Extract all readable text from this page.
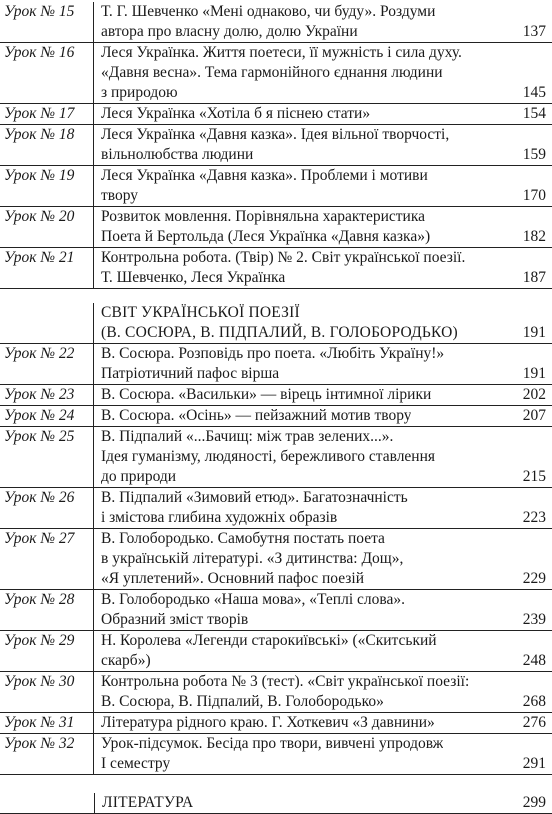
Урок № 15	Т. Г. Шевченко «Мені однаково, чи буду». Роздуми
автора про власну долю, долю України	137
Урок № 16	Леся Українка. Життя поетеси, її мужність і сила духу.
«Давня весна». Тема гармонійного єднання людини
з природою	145
Урок № 17	Леся Українка «Хотіла б я піснею стати»	154
Урок № 18	Леся Українка «Давня казка». Ідея вільної творчості,
вільнолюбства людини	159
Урок № 19	Леся Українка «Давня казка». Проблеми і мотиви
твору	170
Урок № 20	Розвиток мовлення. Порівняльна характеристика
Поета й Бертольда (Леся Українка «Давня казка»)	182
Урок № 21	Контрольна робота. (Твір) № 2. Світ української поезії.
Т. Шевченко, Леся Українка	187
СВІТ УКРАЇНСЬКОЇ ПОЕЗІЇ
(В. СОСЮРА, В. ПІДПАЛИЙ, В. ГОЛОБОРОДЬКО)	191
Урок № 22	В. Сосюра. Розповідь про поета. «Любіть Україну!»
Патріотичний пафос вірша	191
Урок № 23	В. Сосюра. «Васильки» — вірець інтимної лірики	202
Урок № 24	В. Сосюра. «Осінь» — пейзажний мотив твору	207
Урок № 25	В. Підпалий «...Бачищ: між трав зелених...».
Ідея гуманізму, людяності, бережливого ставлення
до природи	215
Урок № 26	В. Підпалий «Зимовий етюд». Багатозначність
і змістова глибина художніх образів	223
Урок № 27	В. Голобородько. Самобутня постать поета
в українській літературі. «З дитинства: Дощ»,
«Я уплетений». Основний пафос поезій	229
Урок № 28	В. Голобородько «Наша мова», «Теплі слова».
Образний зміст творів	239
Урок № 29	Н. Королева «Легенди старокиївські» («Скитський
скарб»)	248
Урок № 30	Контрольна робота № 3 (тест). «Світ української поезії:
В. Сосюра, В. Підпалий, В. Голобородько»	268
Урок № 31	Література рідного краю. Г. Хоткевич «З давнини»	276
Урок № 32	Урок-підсумок. Бесіда про твори, вивчені упродовж
І семестру	291
ЛІТЕРАТУРА	299
